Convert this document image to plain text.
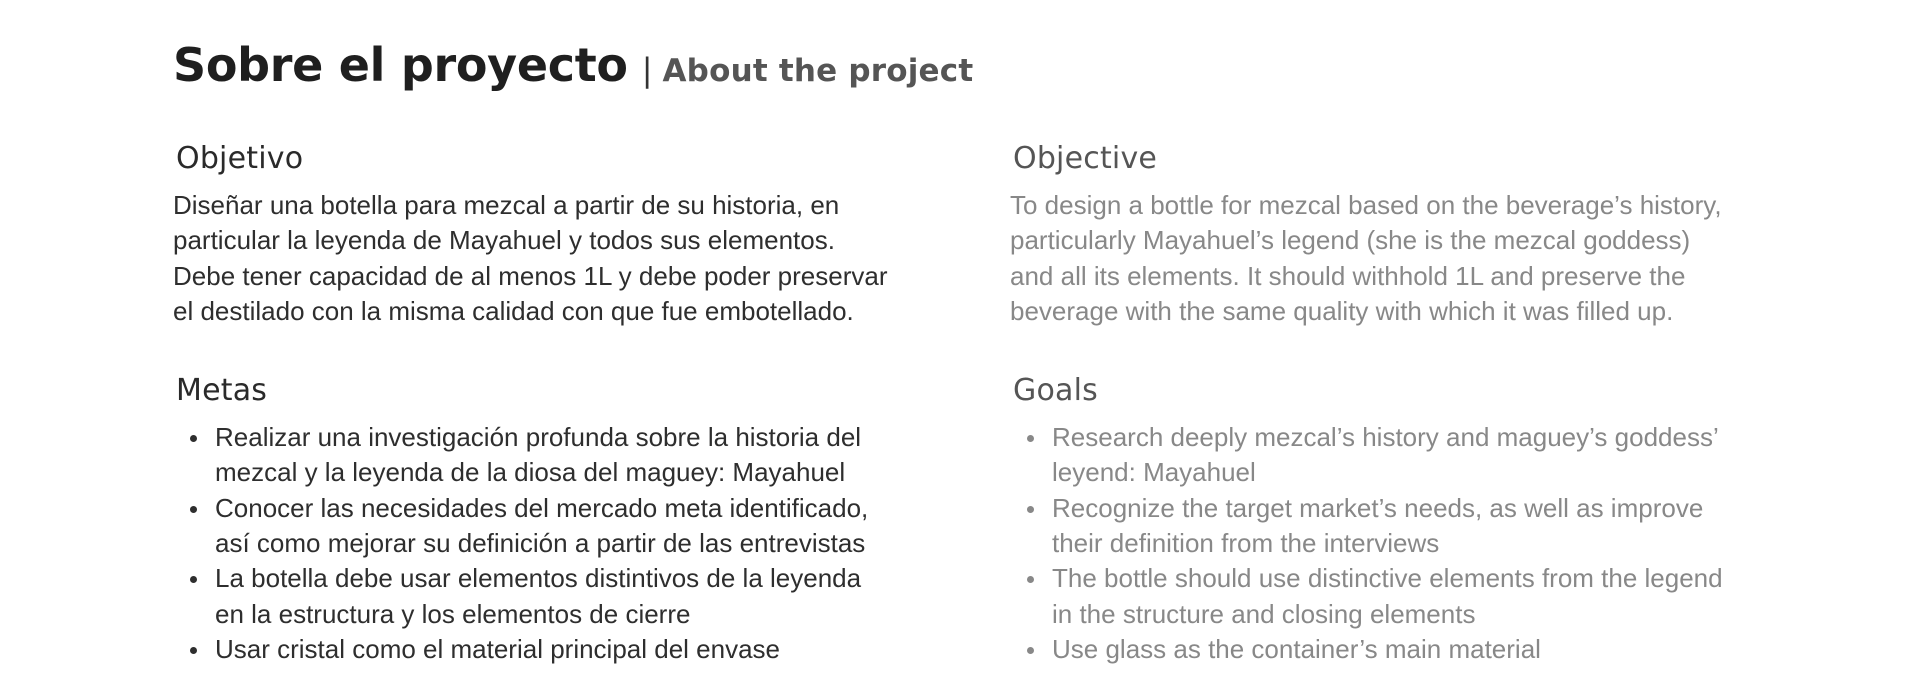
Sobre el proyecto | About the project
Objetivo

Diseñar una botella para mezcal a partir de su historia, en
particular la leyenda de Mayahuel y todos sus elementos.
Debe tener capacidad de al menos 1L y debe poder preservar
el destilado con la misma calidad con que fue embotellado.

Metas
Realizar una investigación profunda sobre la historia del
mezcal y la leyenda de la diosa del maguey: Mayahuel
Conocer las necesidades del mercado meta identificado,
así como mejorar su definición a partir de las entrevistas
La botella debe usar elementos distintivos de la leyenda
en la estructura y los elementos de cierre
Usar cristal como el material principal del envase
Objective

To design a bottle for mezcal based on the beverage’s history,
particularly Mayahuel’s legend (she is the mezcal goddess)
and all its elements. It should withhold 1L and preserve the
beverage with the same quality with which it was filled up.

Goals
Research deeply mezcal’s history and maguey’s goddess’
leyend: Mayahuel
Recognize the target market’s needs, as well as improve
their definition from the interviews
The bottle should use distinctive elements from the legend
in the structure and closing elements
Use glass as the container’s main material
